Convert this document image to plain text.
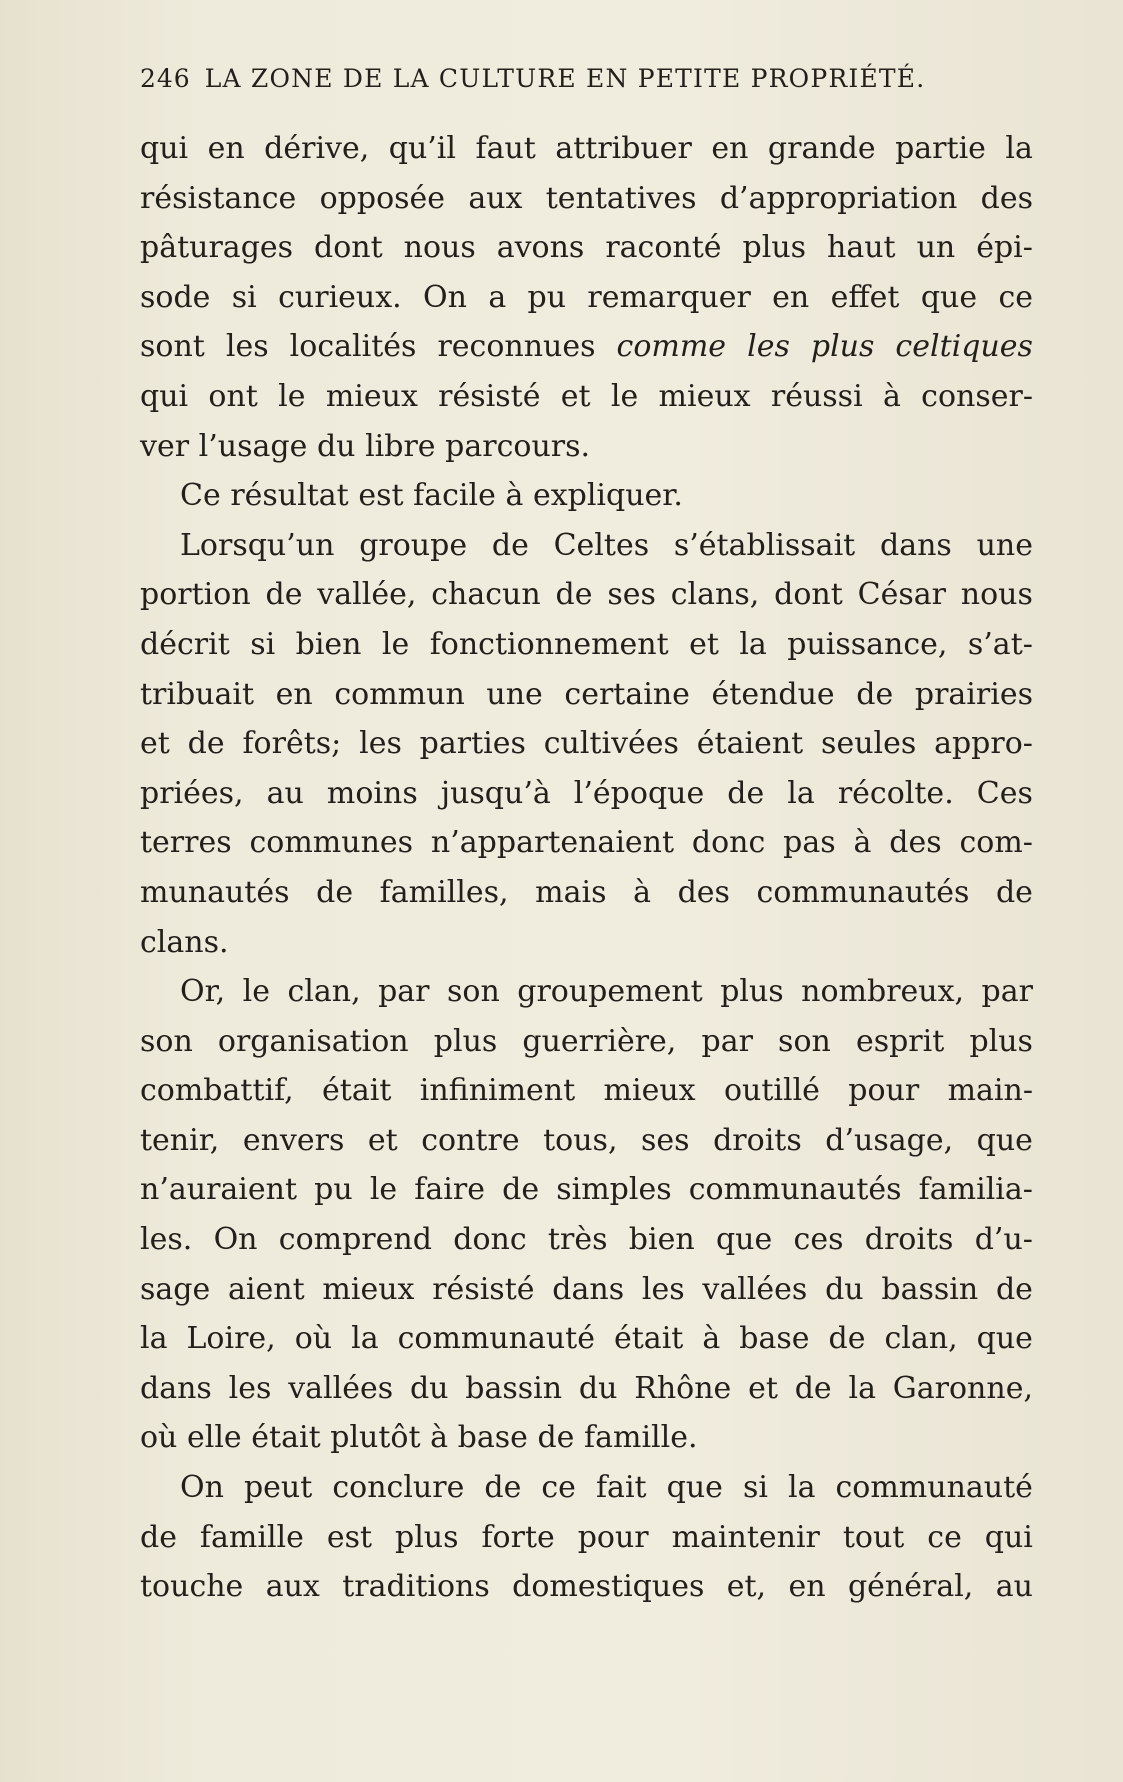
246 LA ZONE DE LA CULTURE EN PETITE PROPRIÉTÉ.
qui en dérive, qu’il faut attribuer en grande partie la
résistance opposée aux tentatives d’appropriation des
pâturages dont nous avons raconté plus haut un épi-
sode si curieux. On a pu remarquer en effet que ce
sont les localités reconnues comme les plus celtiques
qui ont le mieux résisté et le mieux réussi à conser-
ver l’usage du libre parcours.
Ce résultat est facile à expliquer.
Lorsqu’un groupe de Celtes s’établissait dans une
portion de vallée, chacun de ses clans, dont César nous
décrit si bien le fonctionnement et la puissance, s’at-
tribuait en commun une certaine étendue de prairies
et de forêts; les parties cultivées étaient seules appro-
priées, au moins jusqu’à l’époque de la récolte. Ces
terres communes n’appartenaient donc pas à des com-
munautés de familles, mais à des communautés de
clans.
Or, le clan, par son groupement plus nombreux, par
son organisation plus guerrière, par son esprit plus
combattif, était infiniment mieux outillé pour main-
tenir, envers et contre tous, ses droits d’usage, que
n’auraient pu le faire de simples communautés familia-
les. On comprend donc très bien que ces droits d’u-
sage aient mieux résisté dans les vallées du bassin de
la Loire, où la communauté était à base de clan, que
dans les vallées du bassin du Rhône et de la Garonne,
où elle était plutôt à base de famille.
On peut conclure de ce fait que si la communauté
de famille est plus forte pour maintenir tout ce qui
touche aux traditions domestiques et, en général, au
